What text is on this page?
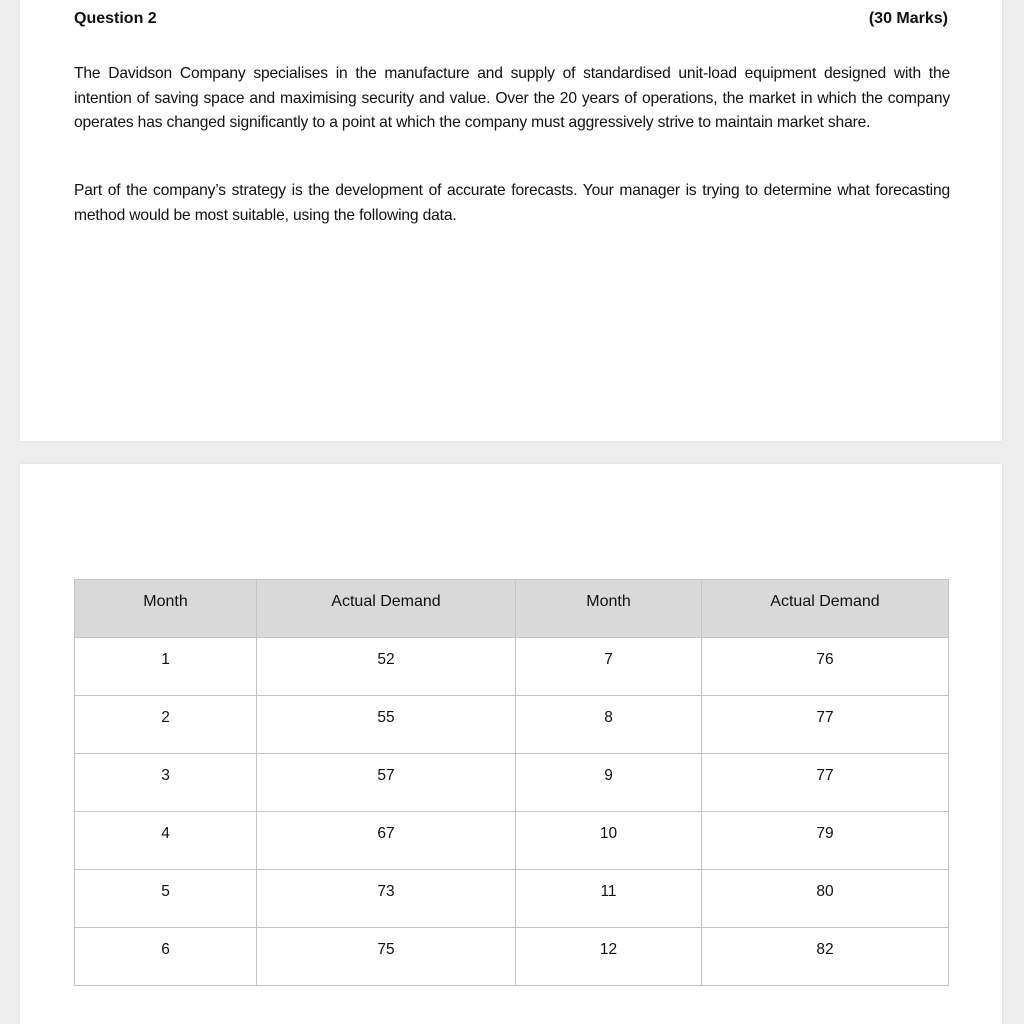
Question 2	(30 Marks)

The Davidson Company specialises in the manufacture and supply of standardised unit-load equipment designed with the intention of saving space and maximising security and value. Over the 20 years of operations, the market in which the company operates has changed significantly to a point at which the company must aggressively strive to maintain market share.

Part of the company’s strategy is the development of accurate forecasts. Your manager is trying to determine what forecasting method would be most suitable, using the following data.

Month	Actual Demand	Month	Actual Demand
1	52	7	76
2	55	8	77
3	57	9	77
4	67	10	79
5	73	11	80
6	75	12	82
